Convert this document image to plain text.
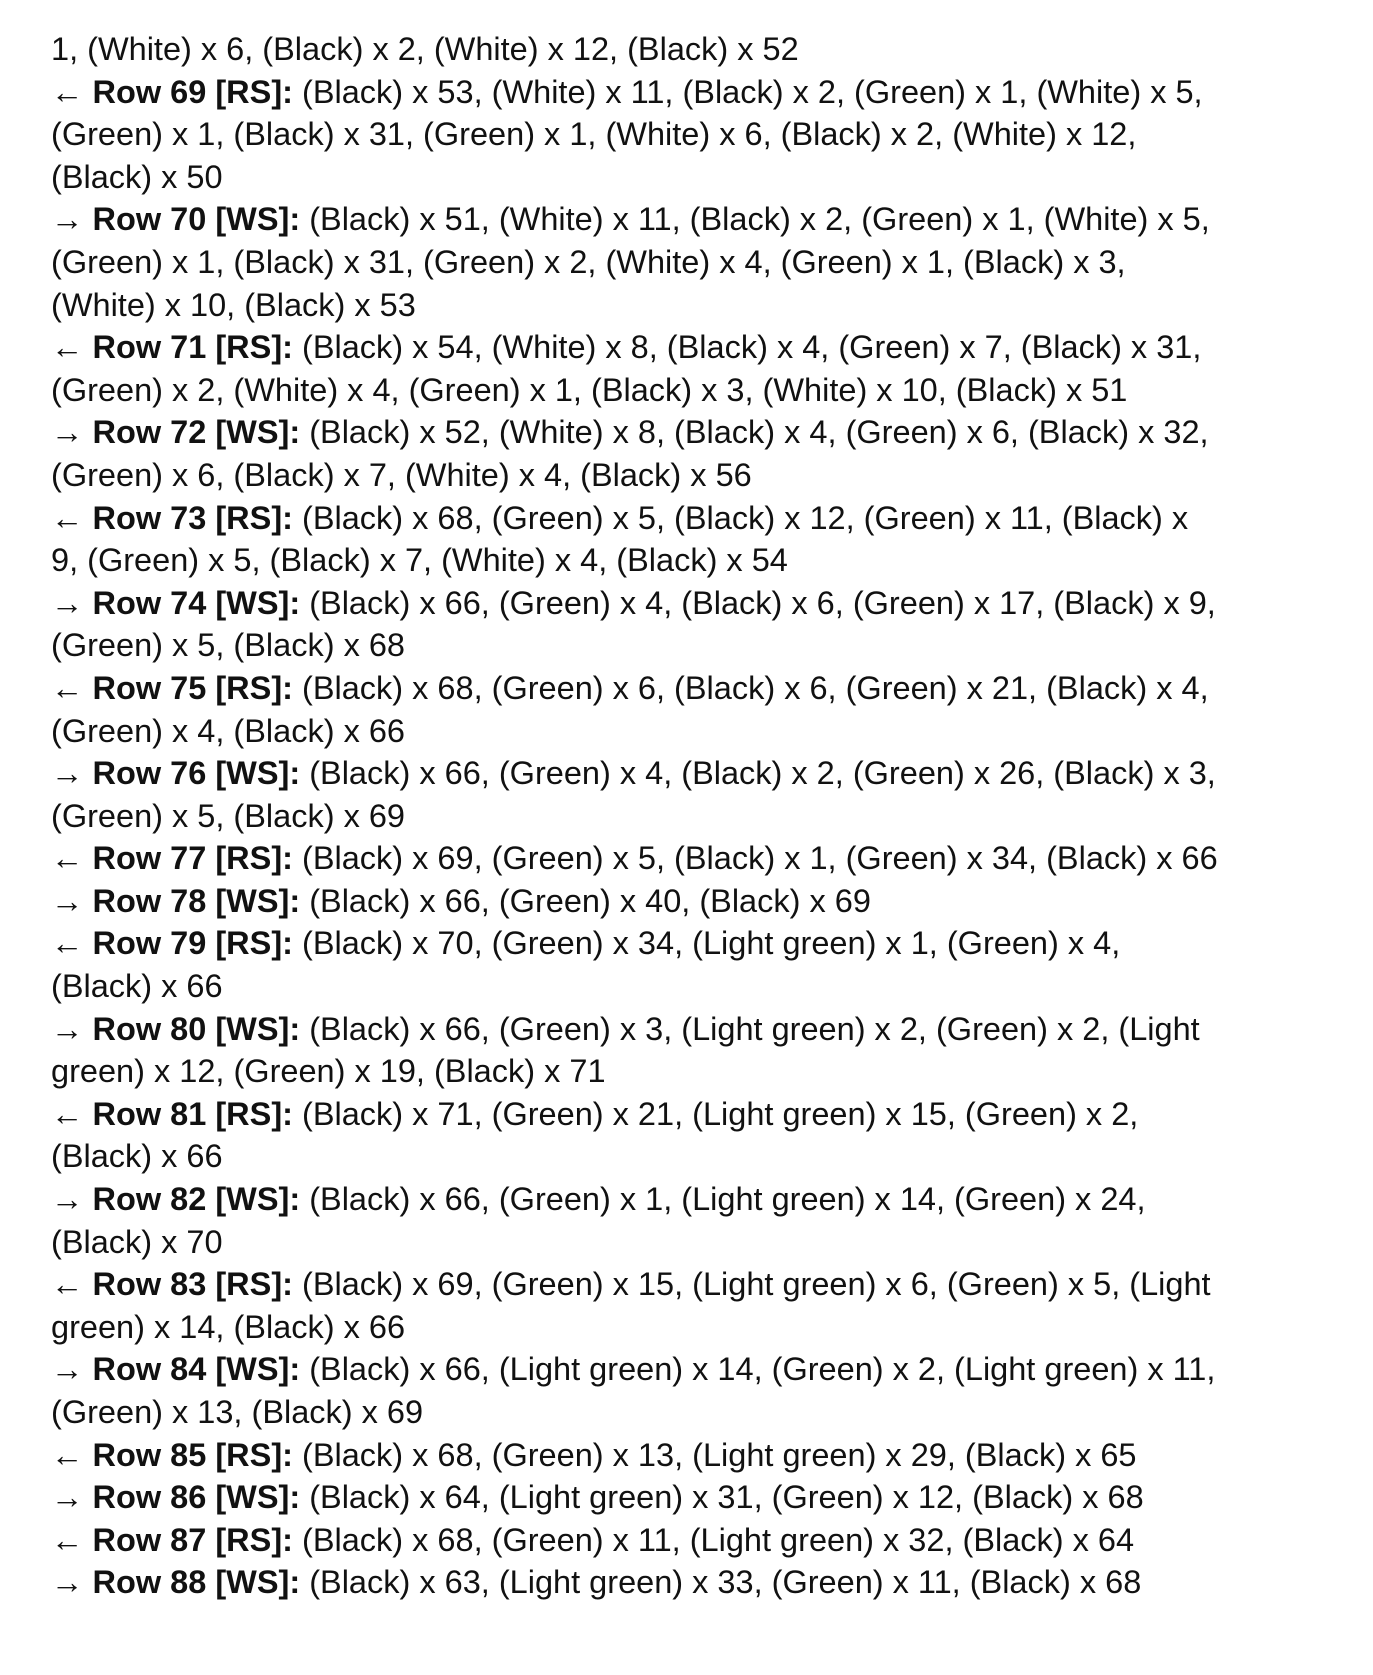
1, (White) x 6, (Black) x 2, (White) x 12, (Black) x 52
← Row 69 [RS]: (Black) x 53, (White) x 11, (Black) x 2, (Green) x 1, (White) x 5,
(Green) x 1, (Black) x 31, (Green) x 1, (White) x 6, (Black) x 2, (White) x 12,
(Black) x 50
→ Row 70 [WS]: (Black) x 51, (White) x 11, (Black) x 2, (Green) x 1, (White) x 5,
(Green) x 1, (Black) x 31, (Green) x 2, (White) x 4, (Green) x 1, (Black) x 3,
(White) x 10, (Black) x 53
← Row 71 [RS]: (Black) x 54, (White) x 8, (Black) x 4, (Green) x 7, (Black) x 31,
(Green) x 2, (White) x 4, (Green) x 1, (Black) x 3, (White) x 10, (Black) x 51
→ Row 72 [WS]: (Black) x 52, (White) x 8, (Black) x 4, (Green) x 6, (Black) x 32,
(Green) x 6, (Black) x 7, (White) x 4, (Black) x 56
← Row 73 [RS]: (Black) x 68, (Green) x 5, (Black) x 12, (Green) x 11, (Black) x
9, (Green) x 5, (Black) x 7, (White) x 4, (Black) x 54
→ Row 74 [WS]: (Black) x 66, (Green) x 4, (Black) x 6, (Green) x 17, (Black) x 9,
(Green) x 5, (Black) x 68
← Row 75 [RS]: (Black) x 68, (Green) x 6, (Black) x 6, (Green) x 21, (Black) x 4,
(Green) x 4, (Black) x 66
→ Row 76 [WS]: (Black) x 66, (Green) x 4, (Black) x 2, (Green) x 26, (Black) x 3,
(Green) x 5, (Black) x 69
← Row 77 [RS]: (Black) x 69, (Green) x 5, (Black) x 1, (Green) x 34, (Black) x 66
→ Row 78 [WS]: (Black) x 66, (Green) x 40, (Black) x 69
← Row 79 [RS]: (Black) x 70, (Green) x 34, (Light green) x 1, (Green) x 4,
(Black) x 66
→ Row 80 [WS]: (Black) x 66, (Green) x 3, (Light green) x 2, (Green) x 2, (Light
green) x 12, (Green) x 19, (Black) x 71
← Row 81 [RS]: (Black) x 71, (Green) x 21, (Light green) x 15, (Green) x 2,
(Black) x 66
→ Row 82 [WS]: (Black) x 66, (Green) x 1, (Light green) x 14, (Green) x 24,
(Black) x 70
← Row 83 [RS]: (Black) x 69, (Green) x 15, (Light green) x 6, (Green) x 5, (Light
green) x 14, (Black) x 66
→ Row 84 [WS]: (Black) x 66, (Light green) x 14, (Green) x 2, (Light green) x 11,
(Green) x 13, (Black) x 69
← Row 85 [RS]: (Black) x 68, (Green) x 13, (Light green) x 29, (Black) x 65
→ Row 86 [WS]: (Black) x 64, (Light green) x 31, (Green) x 12, (Black) x 68
← Row 87 [RS]: (Black) x 68, (Green) x 11, (Light green) x 32, (Black) x 64
→ Row 88 [WS]: (Black) x 63, (Light green) x 33, (Green) x 11, (Black) x 68
